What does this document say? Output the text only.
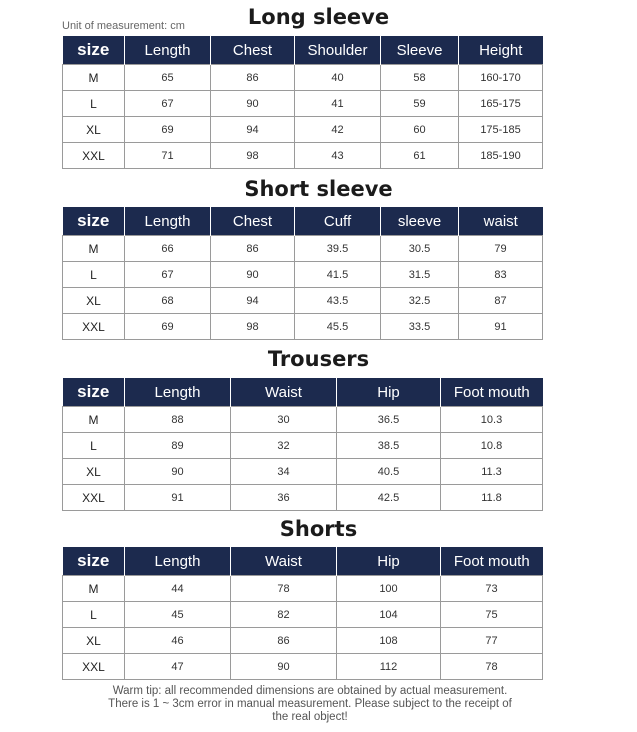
Unit of measurement: cm	Long sleeve
size	Length	Chest	Shoulder	Sleeve	Height
M	65	86	40	58	160-170
L	67	90	41	59	165-175
XL	69	94	42	60	175-185
XXL	71	98	43	61	185-190
Short sleeve
size	Length	Chest	Cuff	sleeve	waist
M	66	86	39.5	30.5	79
L	67	90	41.5	31.5	83
XL	68	94	43.5	32.5	87
XXL	69	98	45.5	33.5	91
Trousers
size	Length	Waist	Hip	Foot mouth
M	88	30	36.5	10.3
L	89	32	38.5	10.8
XL	90	34	40.5	11.3
XXL	91	36	42.5	11.8
Shorts
size	Length	Waist	Hip	Foot mouth
M	44	78	100	73
L	45	82	104	75
XL	46	86	108	77
XXL	47	90	112	78
Warm tip: all recommended dimensions are obtained by actual measurement.
There is 1 ~ 3cm error in manual measurement. Please subject to the receipt of
the real object!
